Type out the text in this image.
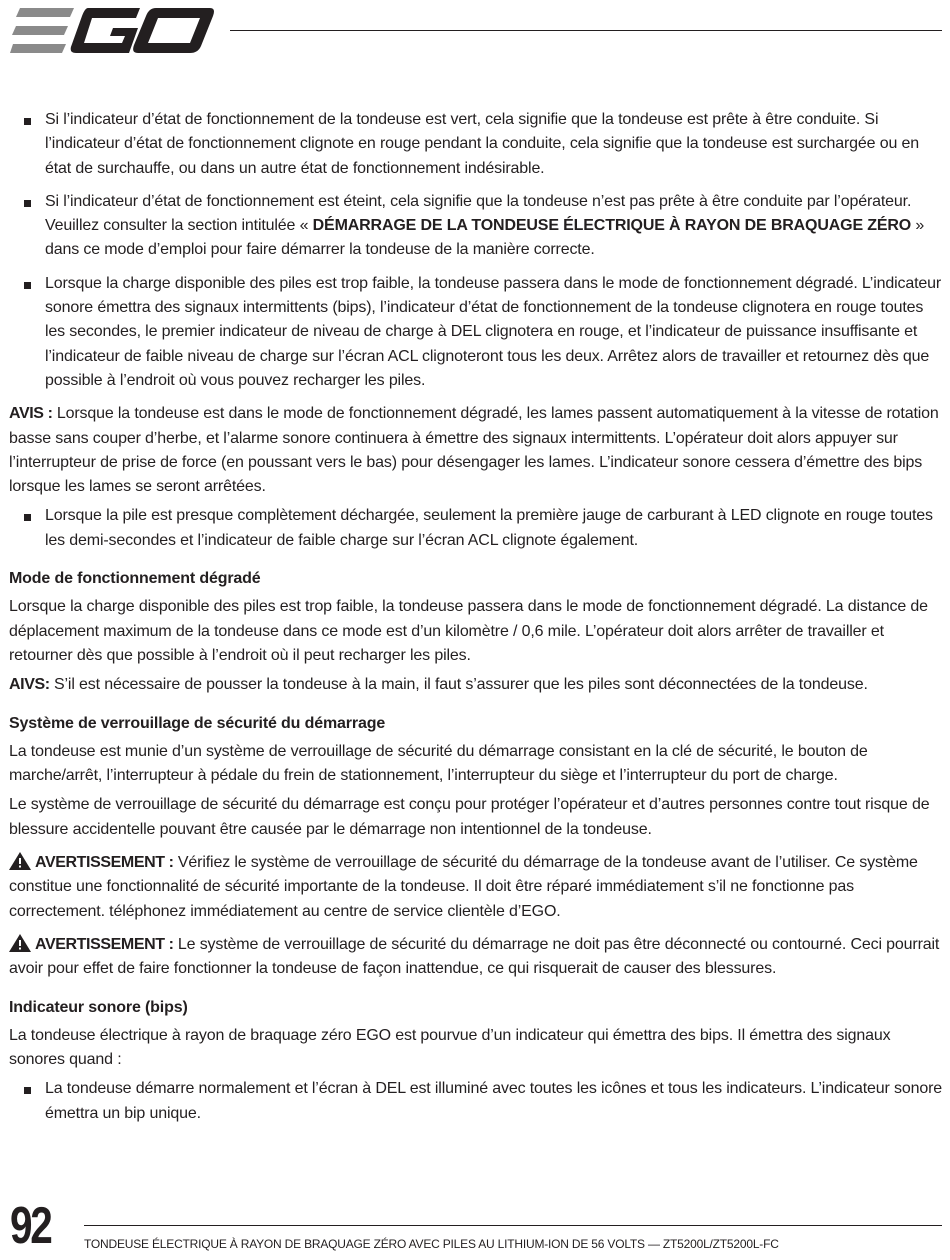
Si l’indicateur d’état de fonctionnement de la tondeuse est vert, cela signifie que la tondeuse est prête à être conduite. Si l’indicateur d’état de fonctionnement clignote en rouge pendant la conduite, cela signifie que la tondeuse est surchargée ou en état de surchauffe, ou dans un autre état de fonctionnement indésirable.

Si l’indicateur d’état de fonctionnement est éteint, cela signifie que la tondeuse n’est pas prête à être conduite par l’opérateur. Veuillez consulter la section intitulée « DÉMARRAGE DE LA TONDEUSE ÉLECTRIQUE À RAYON DE BRAQUAGE ZÉRO » dans ce mode d’emploi pour faire démarrer la tondeuse de la manière correcte.

Lorsque la charge disponible des piles est trop faible, la tondeuse passera dans le mode de fonctionnement dégradé. L’indicateur sonore émettra des signaux intermittents (bips), l’indicateur d’état de fonctionnement de la tondeuse clignotera en rouge toutes les secondes, le premier indicateur de niveau de charge à DEL clignotera en rouge, et l’indicateur de puissance insuffisante et l’indicateur de faible niveau de charge sur l’écran ACL clignoteront tous les deux. Arrêtez alors de travailler et retournez dès que possible à l’endroit où vous pouvez recharger les piles.

AVIS : Lorsque la tondeuse est dans le mode de fonctionnement dégradé, les lames passent automatiquement à la vitesse de rotation basse sans couper d’herbe, et l’alarme sonore continuera à émettre des signaux intermittents. L’opérateur doit alors appuyer sur l’interrupteur de prise de force (en poussant vers le bas) pour désengager les lames. L’indicateur sonore cessera d’émettre des bips lorsque les lames se seront arrêtées.

Lorsque la pile est presque complètement déchargée, seulement la première jauge de carburant à LED clignote en rouge toutes les demi-secondes et l’indicateur de faible charge sur l’écran ACL clignote également.

Mode de fonctionnement dégradé

Lorsque la charge disponible des piles est trop faible, la tondeuse passera dans le mode de fonctionnement dégradé. La distance de déplacement maximum de la tondeuse dans ce mode est d’un kilomètre / 0,6 mile. L’opérateur doit alors arrêter de travailler et retourner dès que possible à l’endroit où il peut recharger les piles.

AIVS: S’il est nécessaire de pousser la tondeuse à la main, il faut s’assurer que les piles sont déconnectées de la tondeuse.

Système de verrouillage de sécurité du démarrage

La tondeuse est munie d’un système de verrouillage de sécurité du démarrage consistant en la clé de sécurité, le bouton de marche/arrêt, l’interrupteur à pédale du frein de stationnement, l’interrupteur du siège et l’interrupteur du port de charge.

Le système de verrouillage de sécurité du démarrage est conçu pour protéger l’opérateur et d’autres personnes contre tout risque de blessure accidentelle pouvant être causée par le démarrage non intentionnel de la tondeuse.

AVERTISSEMENT : Vérifiez le système de verrouillage de sécurité du démarrage de la tondeuse avant de l’utiliser. Ce système constitue une fonctionnalité de sécurité importante de la tondeuse. Il doit être réparé immédiatement s’il ne fonctionne pas correctement. téléphonez immédiatement au centre de service clientèle d’EGO.

AVERTISSEMENT : Le système de verrouillage de sécurité du démarrage ne doit pas être déconnecté ou contourné. Ceci pourrait avoir pour effet de faire fonctionner la tondeuse de façon inattendue, ce qui risquerait de causer des blessures.

Indicateur sonore (bips)

La tondeuse électrique à rayon de braquage zéro EGO est pourvue d’un indicateur qui émettra des bips. Il émettra des signaux sonores quand :

La tondeuse démarre normalement et l’écran à DEL est illuminé avec toutes les icônes et tous les indicateurs. L’indicateur sonore émettra un bip unique.

92	TONDEUSE ÉLECTRIQUE À RAYON DE BRAQUAGE ZÉRO AVEC PILES AU LITHIUM-ION DE 56 VOLTS — ZT5200L/ZT5200L-FC
